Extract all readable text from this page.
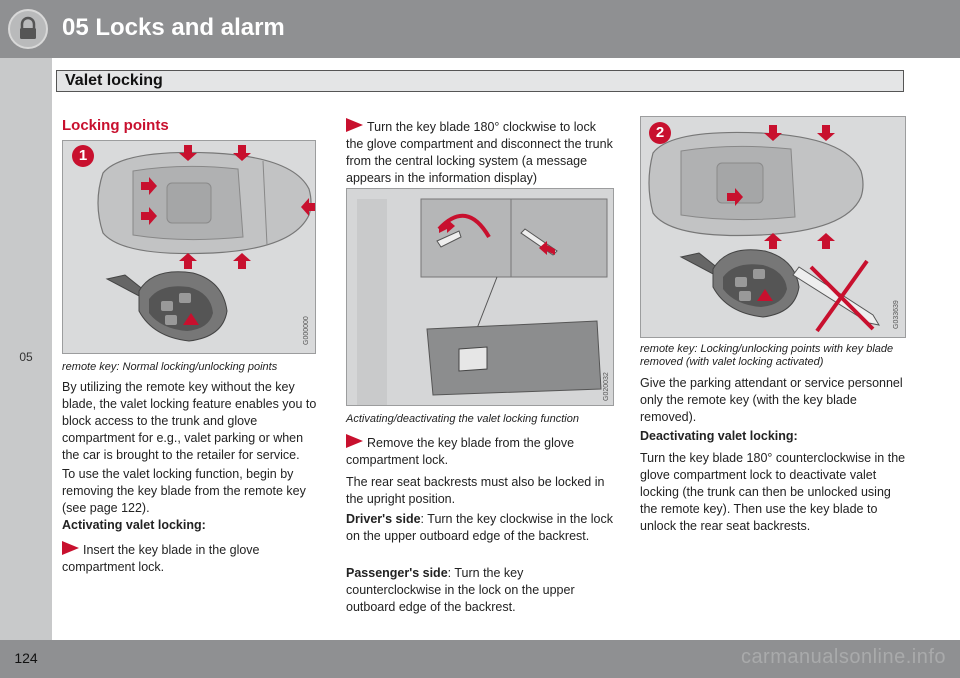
05 Locks and alarm
05
Valet locking
Locking points
1
G000000
remote key: Normal locking/unlocking points
By utilizing the remote key without the key blade, the valet locking feature enables you to block access to the trunk and glove compartment for e.g., valet parking or when the car is brought to the retailer for service.
To use the valet locking function, begin by removing the key blade from the remote key (see page 122).
Activating valet locking:
Insert the key blade in the glove compartment lock.
Turn the key blade 180° clockwise to lock the glove compartment and disconnect the trunk from the central locking system (a message appears in the information display)
G020032
Activating/deactivating the valet locking function
Remove the key blade from the glove compartment lock.
The rear seat backrests must also be locked in the upright position.
Driver's side: Turn the key clockwise in the lock on the upper outboard edge of the backrest.
Passenger's side: Turn the key counterclockwise in the lock on the upper outboard edge of the backrest.
2
G033639
remote key: Locking/unlocking points with key blade removed (with valet locking activated)
Give the parking attendant or service personnel only the remote key (with the key blade removed).
Deactivating valet locking:
Turn the key blade 180° counterclockwise in the glove compartment lock to deactivate valet locking (the trunk can then be unlocked using the remote key). Then use the key blade to unlock the rear seat backrests.
124	carmanualsonline.info
